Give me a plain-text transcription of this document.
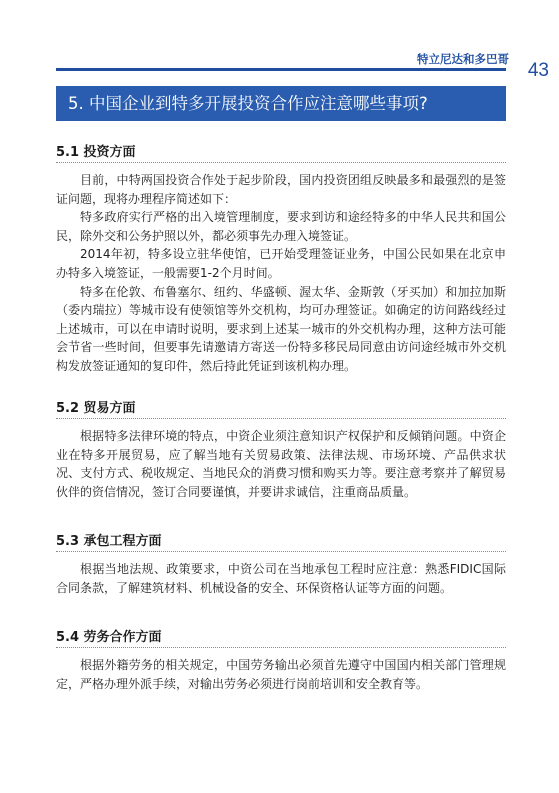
特立尼达和多巴哥
43
5. 中国企业到特多开展投资合作应注意哪些事项?
5.1 投资方面

目前，中特两国投资合作处于起步阶段，国内投资团组反映最多和最强烈的是签证问题，现将办理程序简述如下：

特多政府实行严格的出入境管理制度，要求到访和途经特多的中华人民共和国公民，除外交和公务护照以外，都必须事先办理入境签证。

2014年初，特多设立驻华使馆，已开始受理签证业务，中国公民如果在北京申办特多入境签证，一般需要1-2个月时间。

特多在伦敦、布鲁塞尔、纽约、华盛顿、渥太华、金斯敦（牙买加）和加拉加斯（委内瑞拉）等城市设有使领馆等外交机构，均可办理签证。如确定的访问路线经过上述城市，可以在申请时说明，要求到上述某一城市的外交机构办理，这种方法可能会节省一些时间，但要事先请邀请方寄送一份特多移民局同意由访问途经城市外交机构发放签证通知的复印件，然后持此凭证到该机构办理。

5.2 贸易方面

根据特多法律环境的特点，中资企业须注意知识产权保护和反倾销问题。中资企业在特多开展贸易，应了解当地有关贸易政策、法律法规、市场环境、产品供求状况、支付方式、税收规定、当地民众的消费习惯和购买力等。要注意考察并了解贸易伙伴的资信情况，签订合同要谨慎，并要讲求诚信，注重商品质量。

5.3 承包工程方面

根据当地法规、政策要求，中资公司在当地承包工程时应注意：熟悉FIDIC国际合同条款，了解建筑材料、机械设备的安全、环保资格认证等方面的问题。

5.4 劳务合作方面

根据外籍劳务的相关规定，中国劳务输出必须首先遵守中国国内相关部门管理规定，严格办理外派手续，对输出劳务必须进行岗前培训和安全教育等。
